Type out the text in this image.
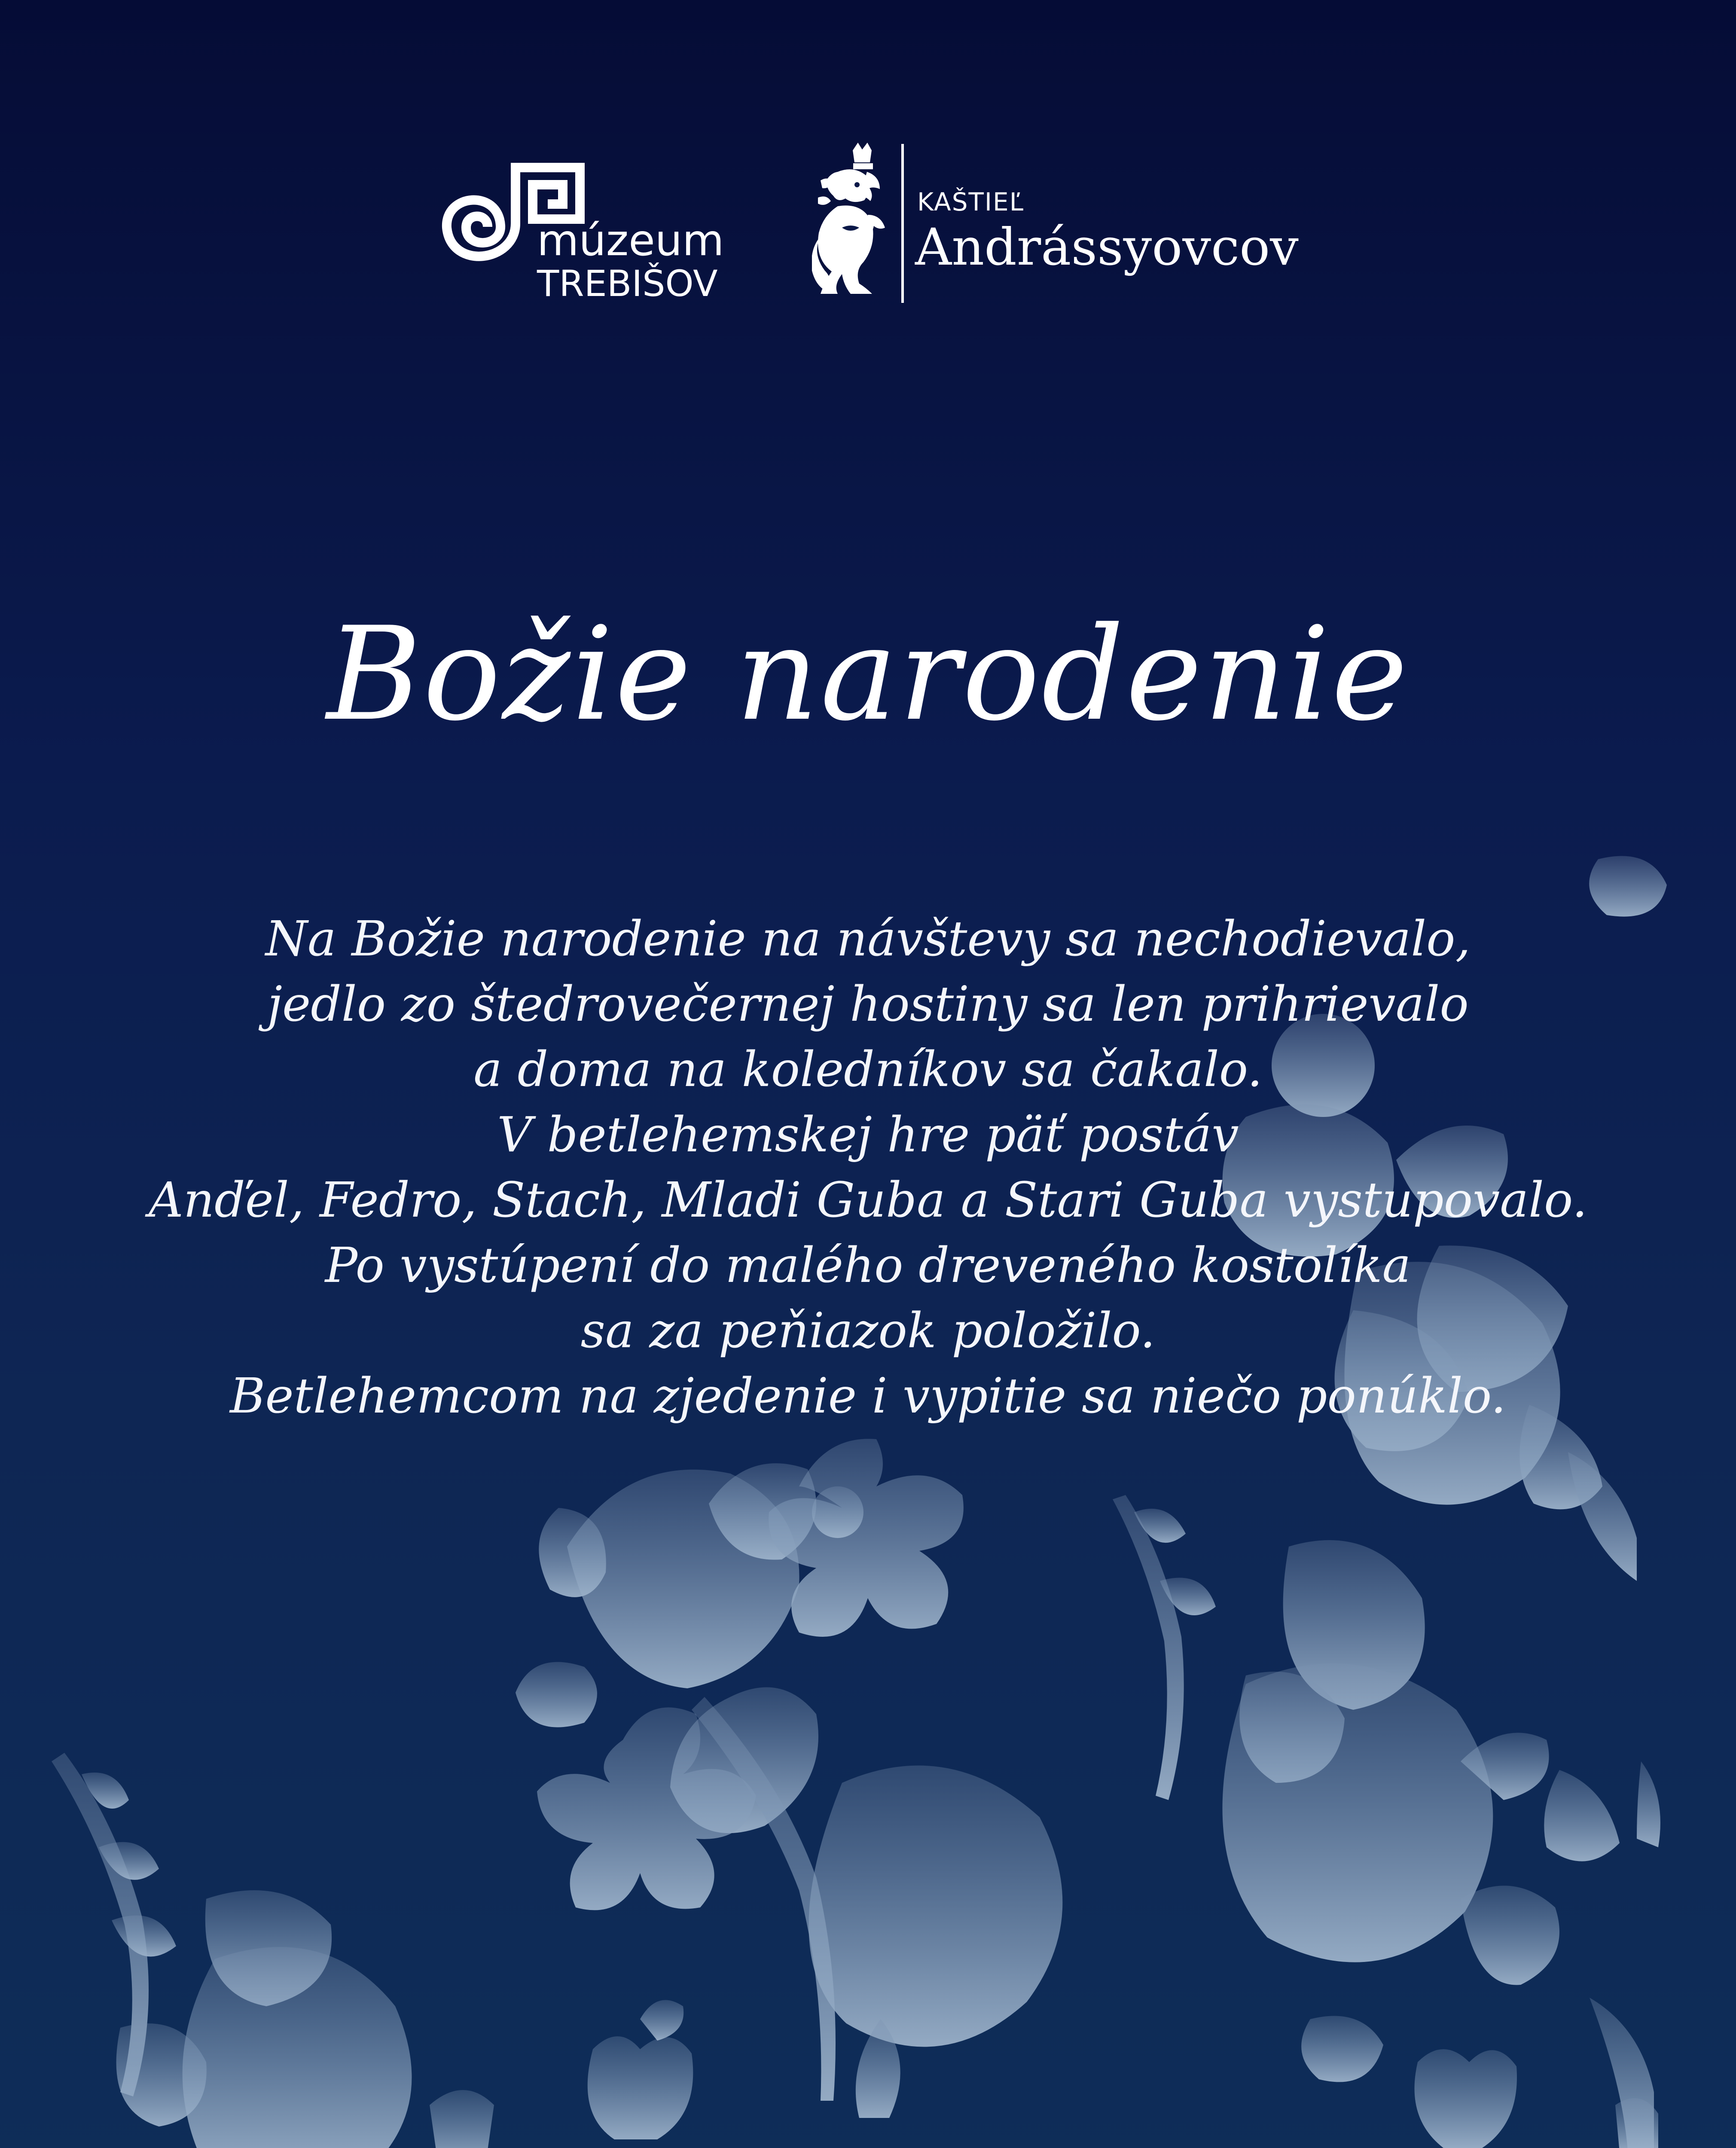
múzeum
TREBIŠOV
KAŠTIEĽ
Andrássyovcov
Božie narodenie
Na Božie narodenie na návštevy sa nechodievalo,
jedlo zo štedrovečernej hostiny sa len prihrievalo
a doma na koledníkov sa čakalo.
V betlehemskej hre päť postáv
Anďel, Fedro, Stach, Mladi Guba a Stari Guba vystupovalo.
Po vystúpení do malého dreveného kostolíka
sa za peňiazok položilo.
Betlehemcom na zjedenie i vypitie sa niečo ponúklo.
